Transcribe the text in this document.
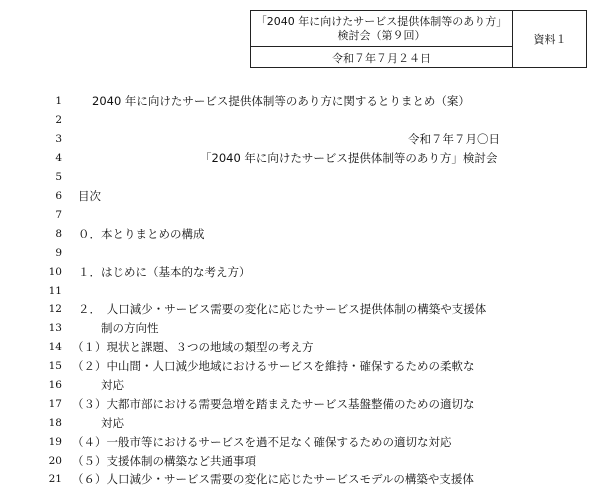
「2040 年に向けたサービス提供体制等のあり方」
検討会（第９回）
令和７年７月２４日
資料１
1	2040 年に向けたサービス提供体制等のあり方に関するとりまとめ（案）
2
3	令和７年７月〇日
4	「2040 年に向けたサービス提供体制等のあり方」検討会
5
6 目次
7
8 ０．本とりまとめの構成
9
10 １．はじめに（基本的な考え方）
11
12 ２．　人口減少・サービス需要の変化に応じたサービス提供体制の構築や支援体
13	制の方向性
14 （１）現状と課題、３つの地域の類型の考え方
15 （２）中山間・人口減少地域におけるサービスを維持・確保するための柔軟な
16	対応
17 （３）大都市部における需要急増を踏まえたサービス基盤整備のための適切な
18	対応
19 （４）一般市等におけるサービスを過不足なく確保するための適切な対応
20 （５）支援体制の構築など共通事項
21 （６）人口減少・サービス需要の変化に応じたサービスモデルの構築や支援体
